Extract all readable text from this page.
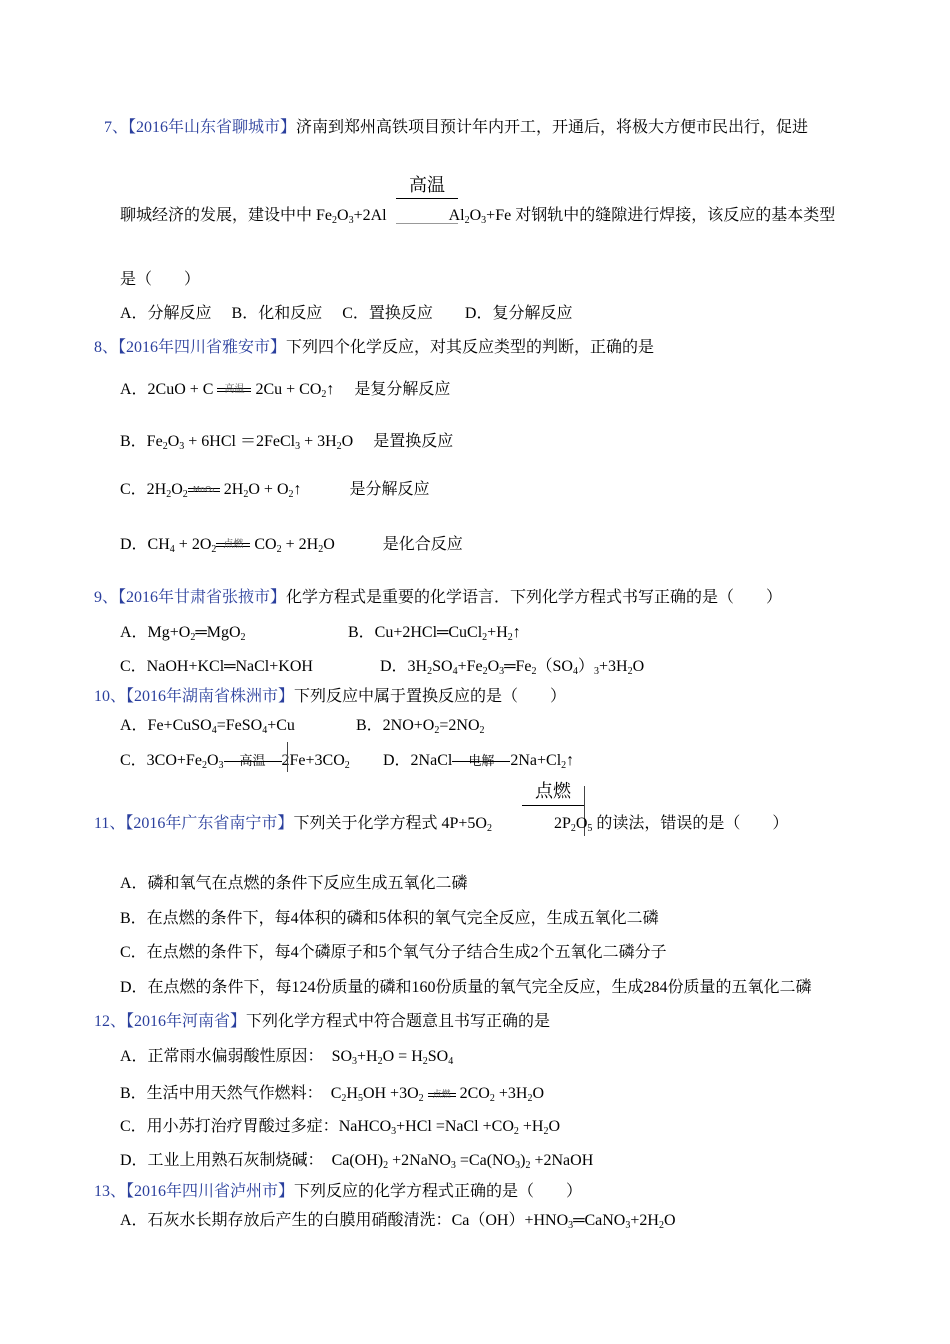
7、【2016年山东省聊城市】济南到郑州高铁项目预计年内开工，开通后，将极大方便市民出行，促进
高温
聊城经济的发展，建设中中 $Fe_2O_3+2Al$	$Al_2O_3+Fe$ 对钢轨中的缝隙进行焊接，该反应的基本类型
是（　　）
A．分解反应　 B．化和反应　 C．置换反应　　D．复分解反应
8、【2016年四川省雅安市】下列四个化学反应，对其反应类型的判断，正确的是
A．2CuO + C 高温 $2Cu + CO_2↑$　 是复分解反应
B．$Fe_2O_3 + 6HCl$ ＝2FeCl$_3$ + $3H_2O$　 是置换反应
C．$2H_2O_2$ MnO₂ $2H_2O$ + $O_2↑$　　　是分解反应
D．$CH_4 + 2O_2$ 点燃 $CO_2 + 2H_2O$　　　是化合反应
9、【2016年甘肃省张掖市】化学方程式是重要的化学语言．下列化学方程式书写正确的是（　　）
A．$Mg+O_2═MgO_2$	B．$Cu+2HCl═CuCl_2+H_2↑$
C．NaOH+KCl═NaCl+KOH	D．$3H_2SO_4+Fe_2O_3═Fe_2(SO_4)_3+3H_2O$
10、【2016年湖南省株洲市】下列反应中属于置换反应的是（　　）
A．Fe+CuSO$_4$=FeSO$_4$+Cu	B．$2NO+O_2=2NO_2$
C．$3CO+Fe_2O_3$	高温	$2Fe+3CO_2$ D．2NaCl	电解	$2Na+Cl_2↑$
点燃
11、【2016年广东省南宁市】下列关于化学方程式 $4P+5O_2$	$2P_2O_5$ 的读法，错误的是（　　）
A．磷和氧气在点燃的条件下反应生成五氧化二磷
B．在点燃的条件下，每4体积的磷和5体积的氧气完全反应，生成五氧化二磷
C．在点燃的条件下，每4个磷原子和5个氧气分子结合生成2个五氧化二磷分子
D．在点燃的条件下，每124份质量的磷和160份质量的氧气完全反应，生成284份质量的五氧化二磷
12、【2016年河南省】下列化学方程式中符合题意且书写正确的是
A．正常雨水偏弱酸性原因：　$SO_3+H_2O = H_2SO_4$
B．生活中用天然气作燃料：　$C_2H_5OH +3O_2$ 点燃 $2CO_2 +3H_2O$
C．用小苏打治疗胃酸过多症：NaHCO$_3$+HCl =NaCl $+CO_2 +H_2O$
D．工业上用熟石灰制烧碱：　$Ca(OH)_2$ +2NaNO$_3$ $=Ca(NO_3)_2$ +2NaOH
13、【2016年四川省泸州市】下列反应的化学方程式正确的是（　　）
A．石灰水长期存放后产生的白膜用硝酸清洗：$Ca(OH)+HNO_3═CaNO_3+2H_2O$
